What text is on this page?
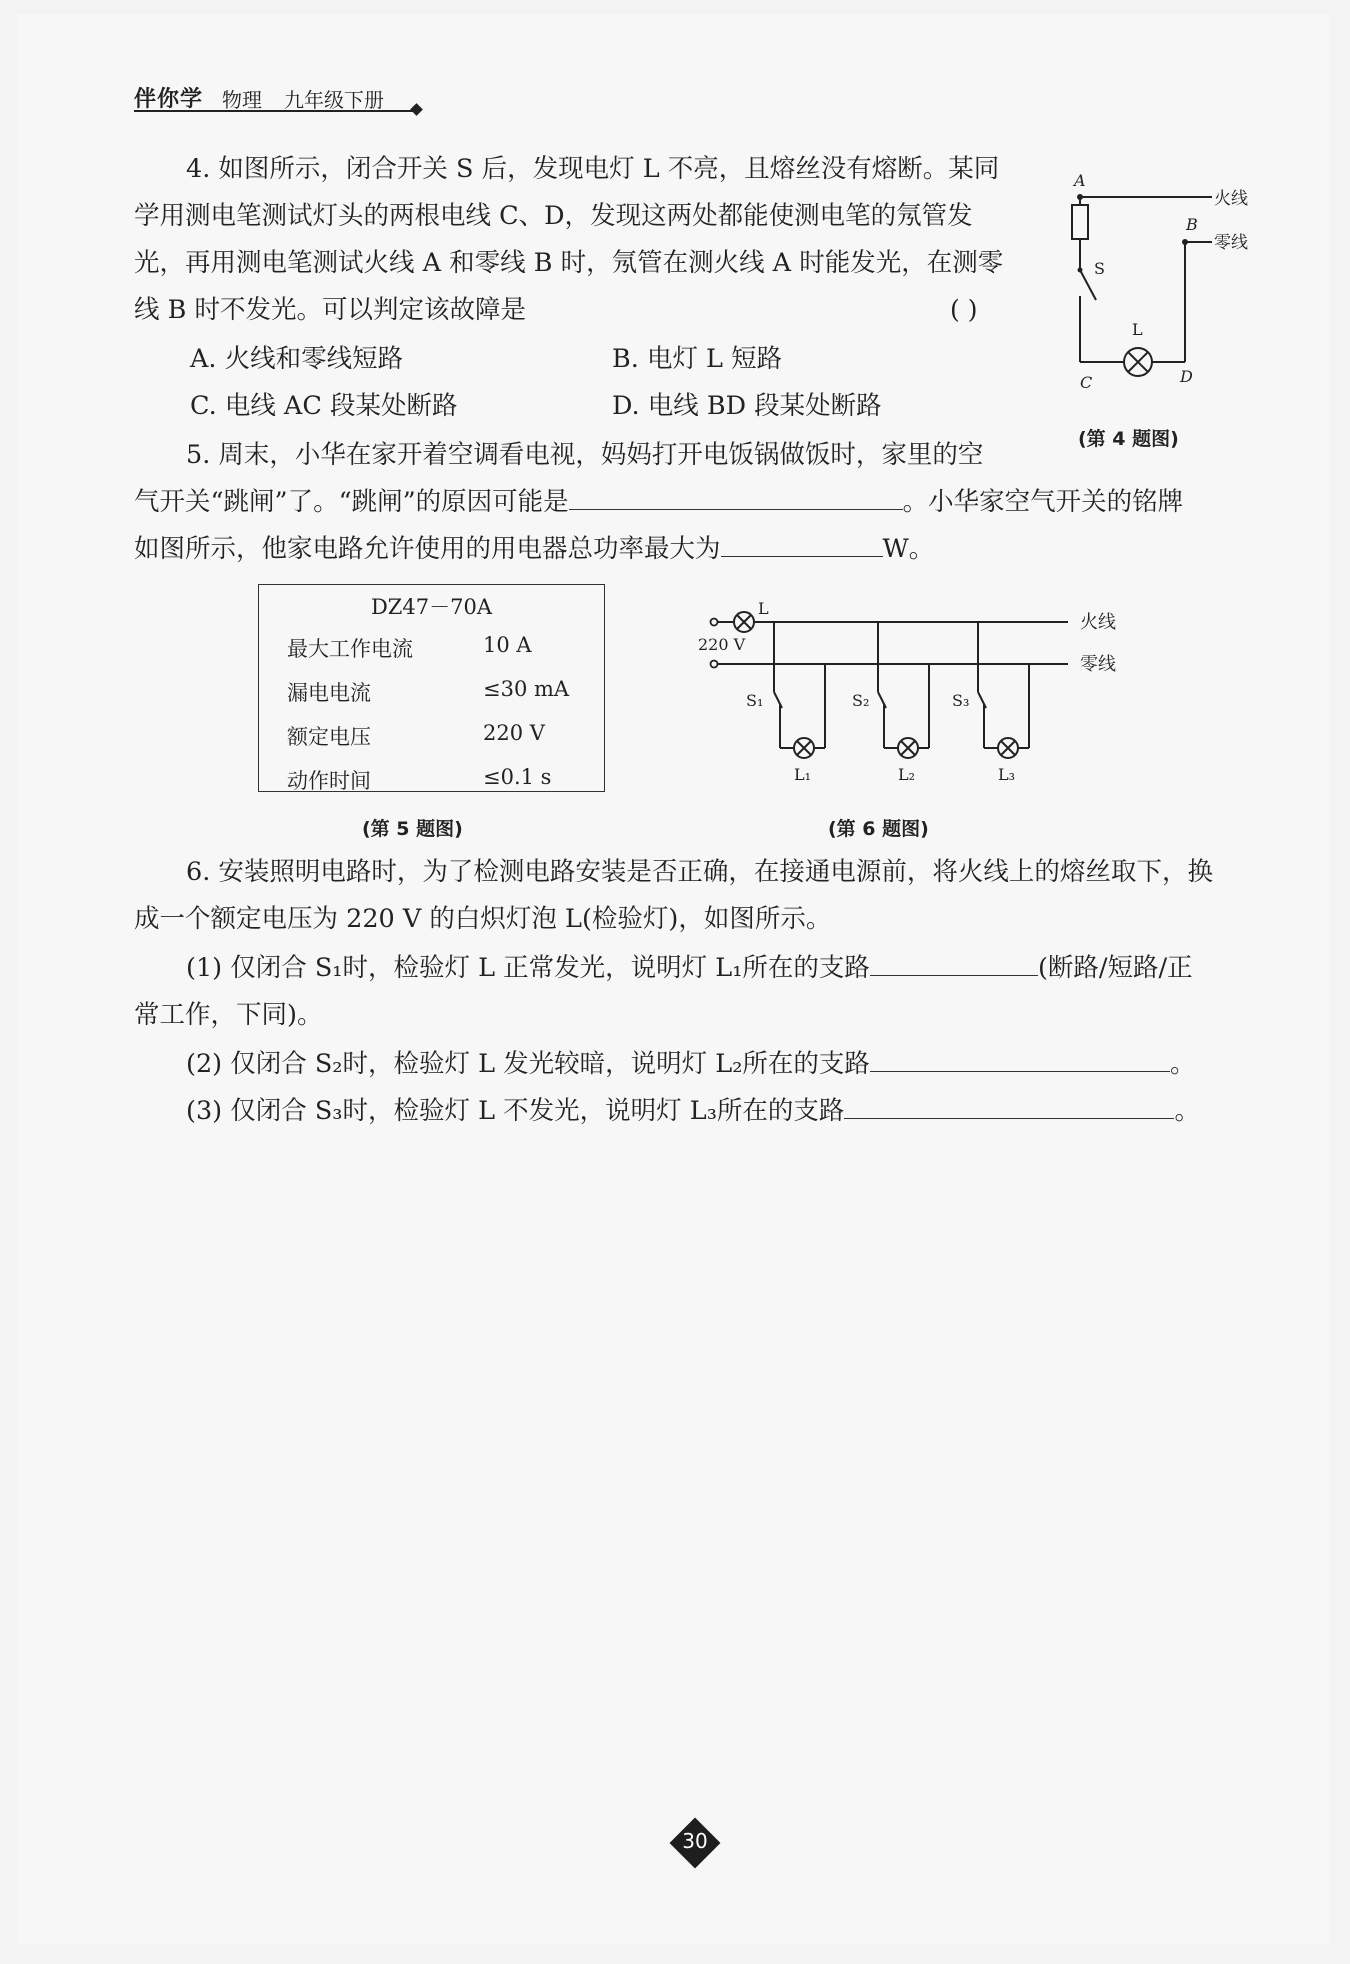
伴你学 物理 九年级下册
4. 如图所示，闭合开关 S 后，发现电灯 L 不亮，且熔丝没有熔断。某同
学用测电笔测试灯头的两根电线 C、D，发现这两处都能使测电笔的氖管发
光，再用测电笔测试火线 A 和零线 B 时，氖管在测火线 A 时能发光，在测零
线 B 时不发光。可以判定该故障是	( )
A. 火线和零线短路	B. 电灯 L 短路
C. 电线 AC 段某处断路	D. 电线 BD 段某处断路
A
B
S
L
C	D
火线
零线
(第 4 题图)
5. 周末，小华在家开着空调看电视，妈妈打开电饭锅做饭时，家里的空
气开关“跳闸”了。“跳闸”的原因可能是	。小华家空气开关的铭牌
如图所示，他家电路允许使用的用电器总功率最大为	W。
DZ47－70A
最大工作电流	10 A
漏电电流	≤30 mA
额定电压	220 V
动作时间	≤0.1 s
(第 5 题图)
L
220 V
火线
零线
S₁	S₂	S₃
L₁	L₂	L₃
(第 6 题图)
6. 安装照明电路时，为了检测电路安装是否正确，在接通电源前，将火线上的熔丝取下，换
成一个额定电压为 220 V 的白炽灯泡 L(检验灯)，如图所示。
(1) 仅闭合 S₁时，检验灯 L 正常发光，说明灯 L₁所在的支路	(断路/短路/正
常工作，下同)。
(2) 仅闭合 S₂时，检验灯 L 发光较暗，说明灯 L₂所在的支路	。
(3) 仅闭合 S₃时，检验灯 L 不发光，说明灯 L₃所在的支路	。
30
